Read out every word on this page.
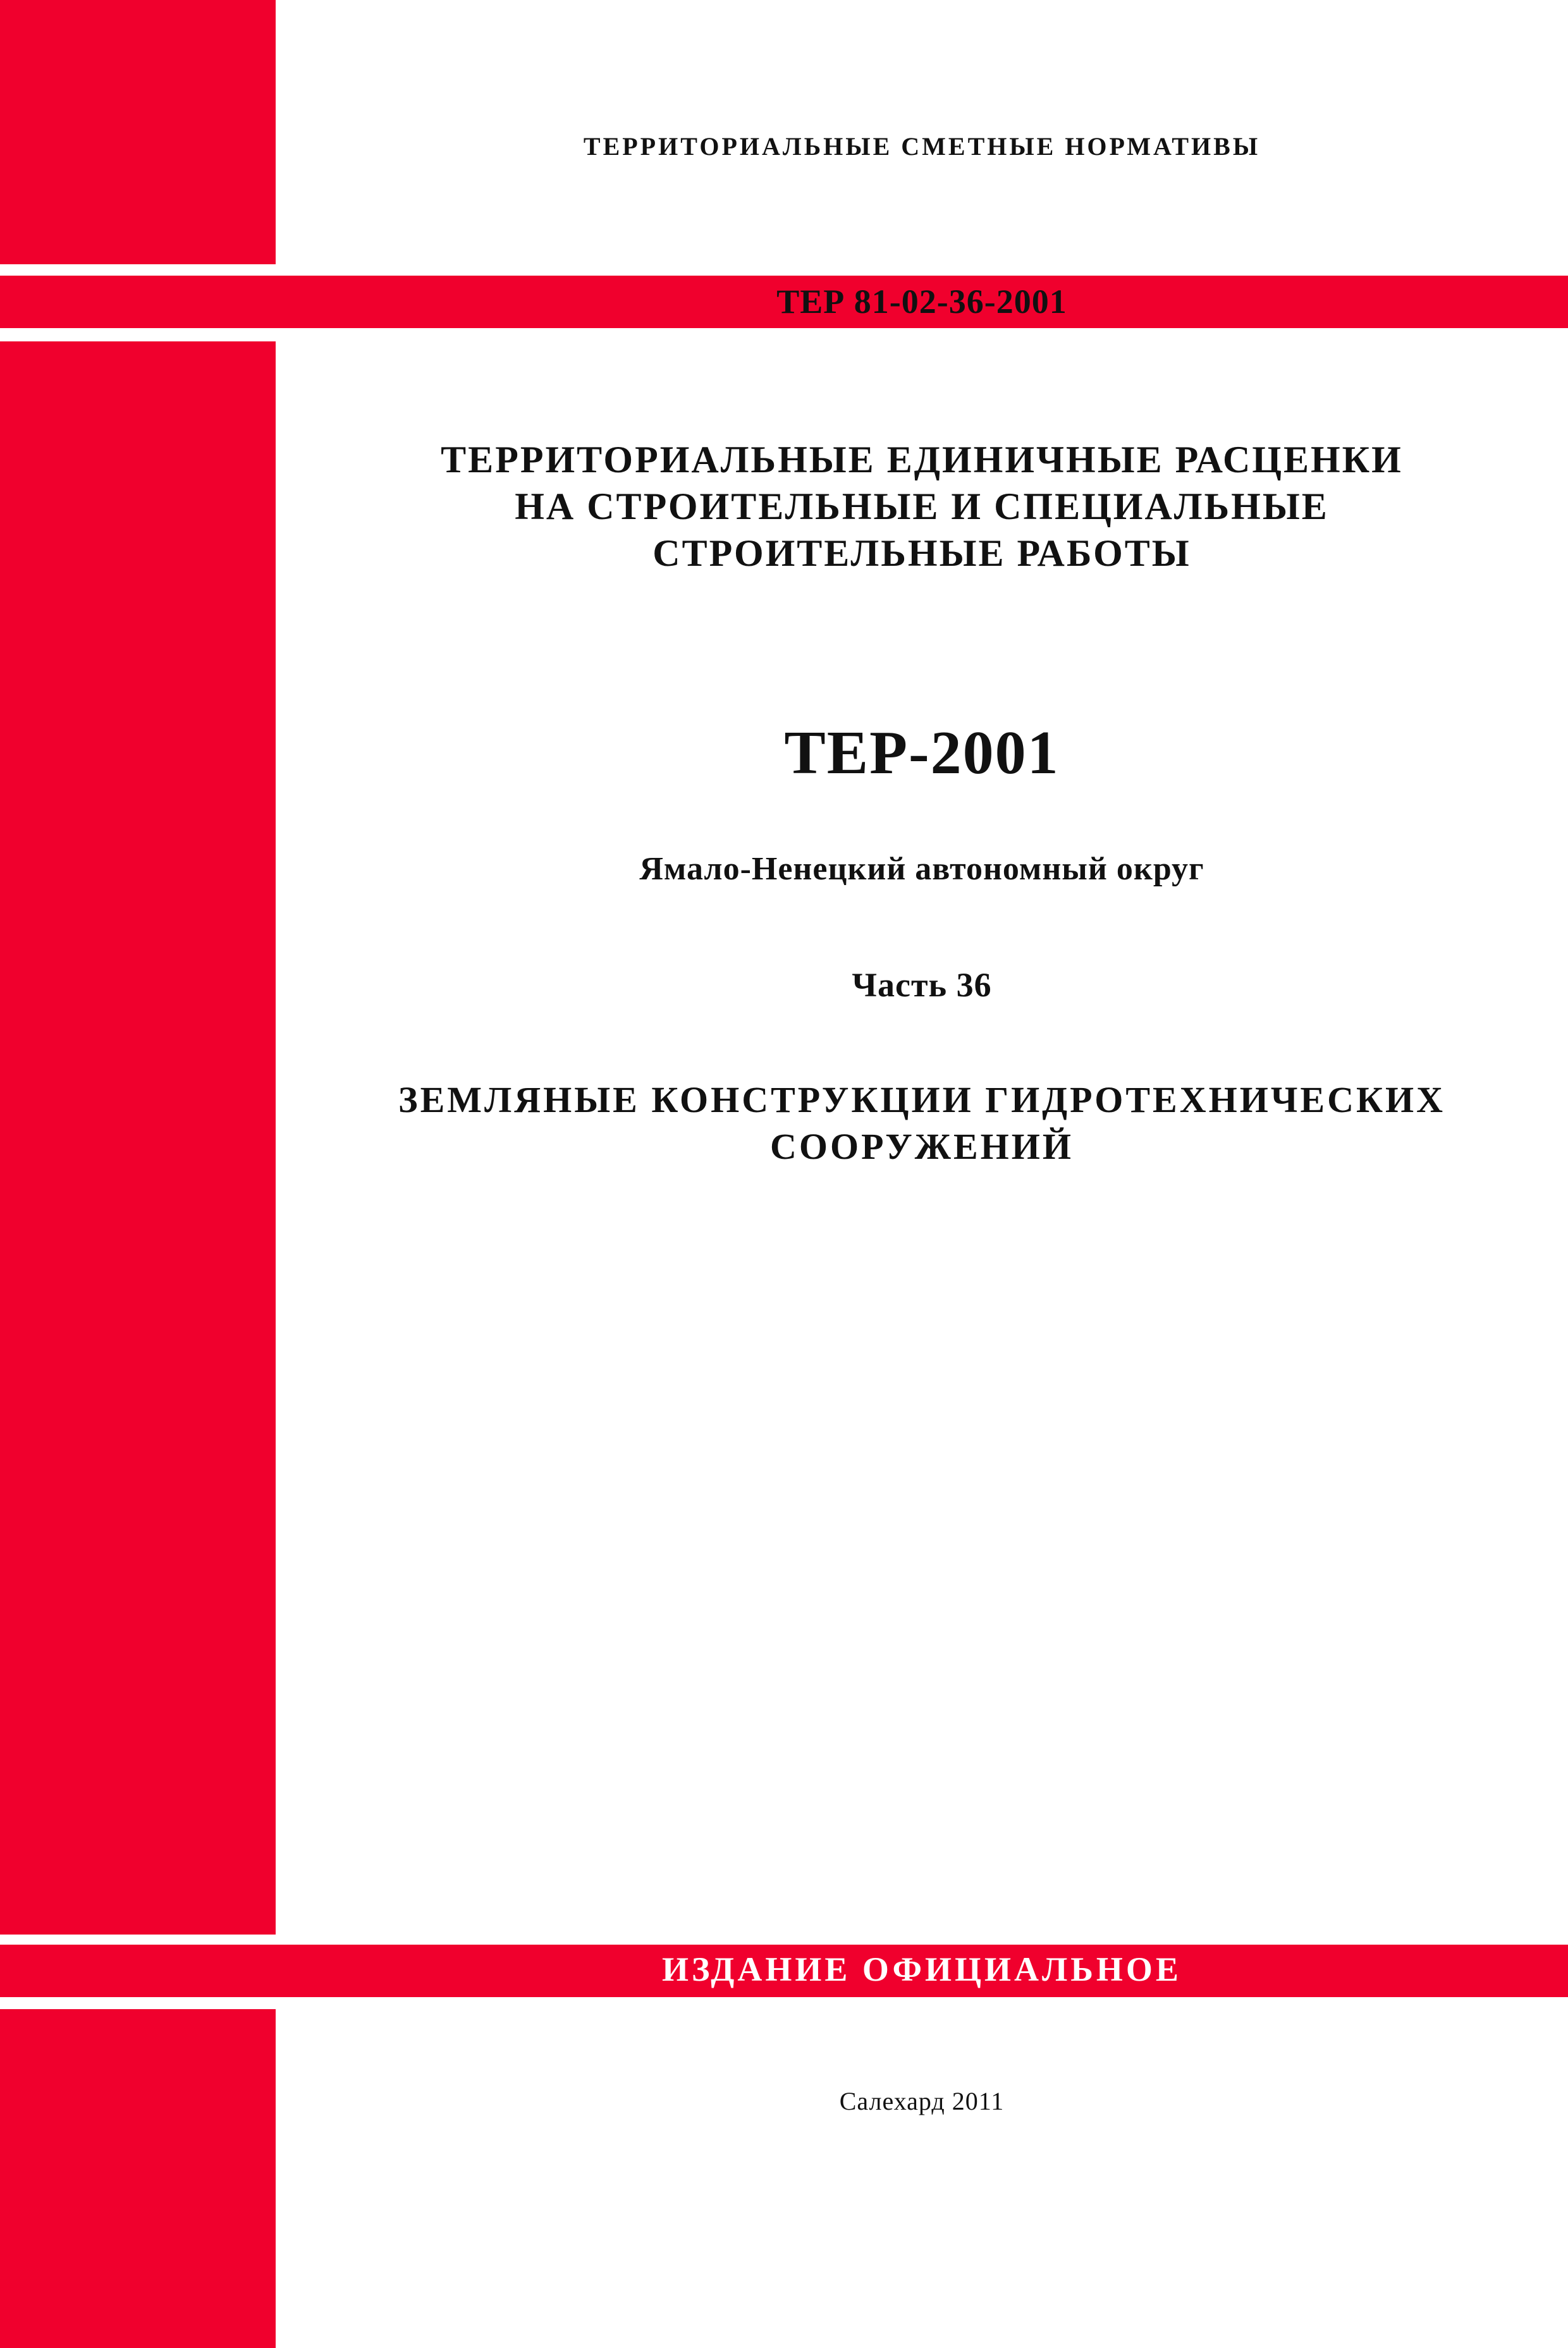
ТЕРРИТОРИАЛЬНЫЕ СМЕТНЫЕ НОРМАТИВЫ

ТЕР 81-02-36-2001

ТЕРРИТОРИАЛЬНЫЕ ЕДИНИЧНЫЕ РАСЦЕНКИ
НА СТРОИТЕЛЬНЫЕ И СПЕЦИАЛЬНЫЕ
СТРОИТЕЛЬНЫЕ РАБОТЫ

ТЕР-2001

Ямало-Ненецкий автономный округ

Часть 36

ЗЕМЛЯНЫЕ КОНСТРУКЦИИ ГИДРОТЕХНИЧЕСКИХ
СООРУЖЕНИЙ

ИЗДАНИЕ ОФИЦИАЛЬНОЕ

Салехард 2011
